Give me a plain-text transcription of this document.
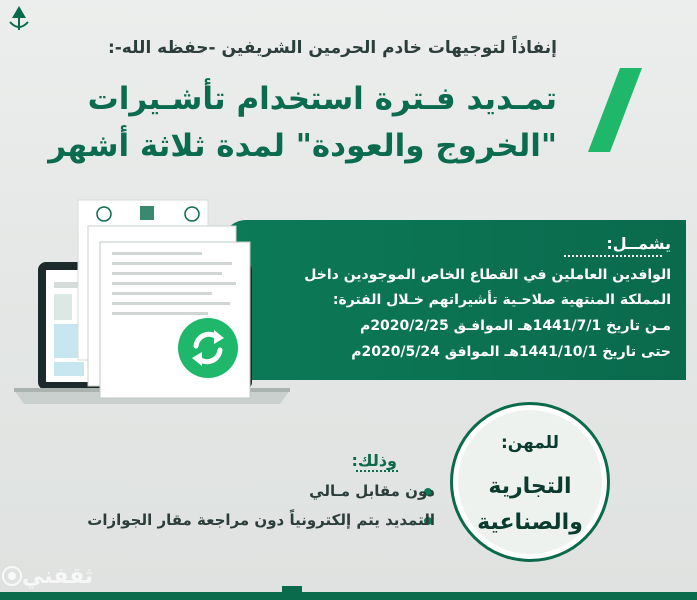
إنفاذاً لتوجيهات خادم الحرمين الشريفين -حفظه الله-:
تمـديد فـترة استخدام تأشـيرات
"الخروج والعودة" لمدة ثلاثة أشهر
يشمــل:
الوافدين العاملين في القطاع الخاص الموجودين داخل
المملكة المنتهية صلاحـية تأشيراتهم خـلال الفترة:
مـن تاريخ 1441/7/1هـ الموافـق 2020/2/25م
حتى تاريخ 1441/10/1هـ الموافق 2020/5/24م
للمهن:
التجارية
والصناعية
وذلك:
دون مقابل مـالي
التمديد يتم إلكترونياً دون مراجعة مقار الجوازات
ثقفني
